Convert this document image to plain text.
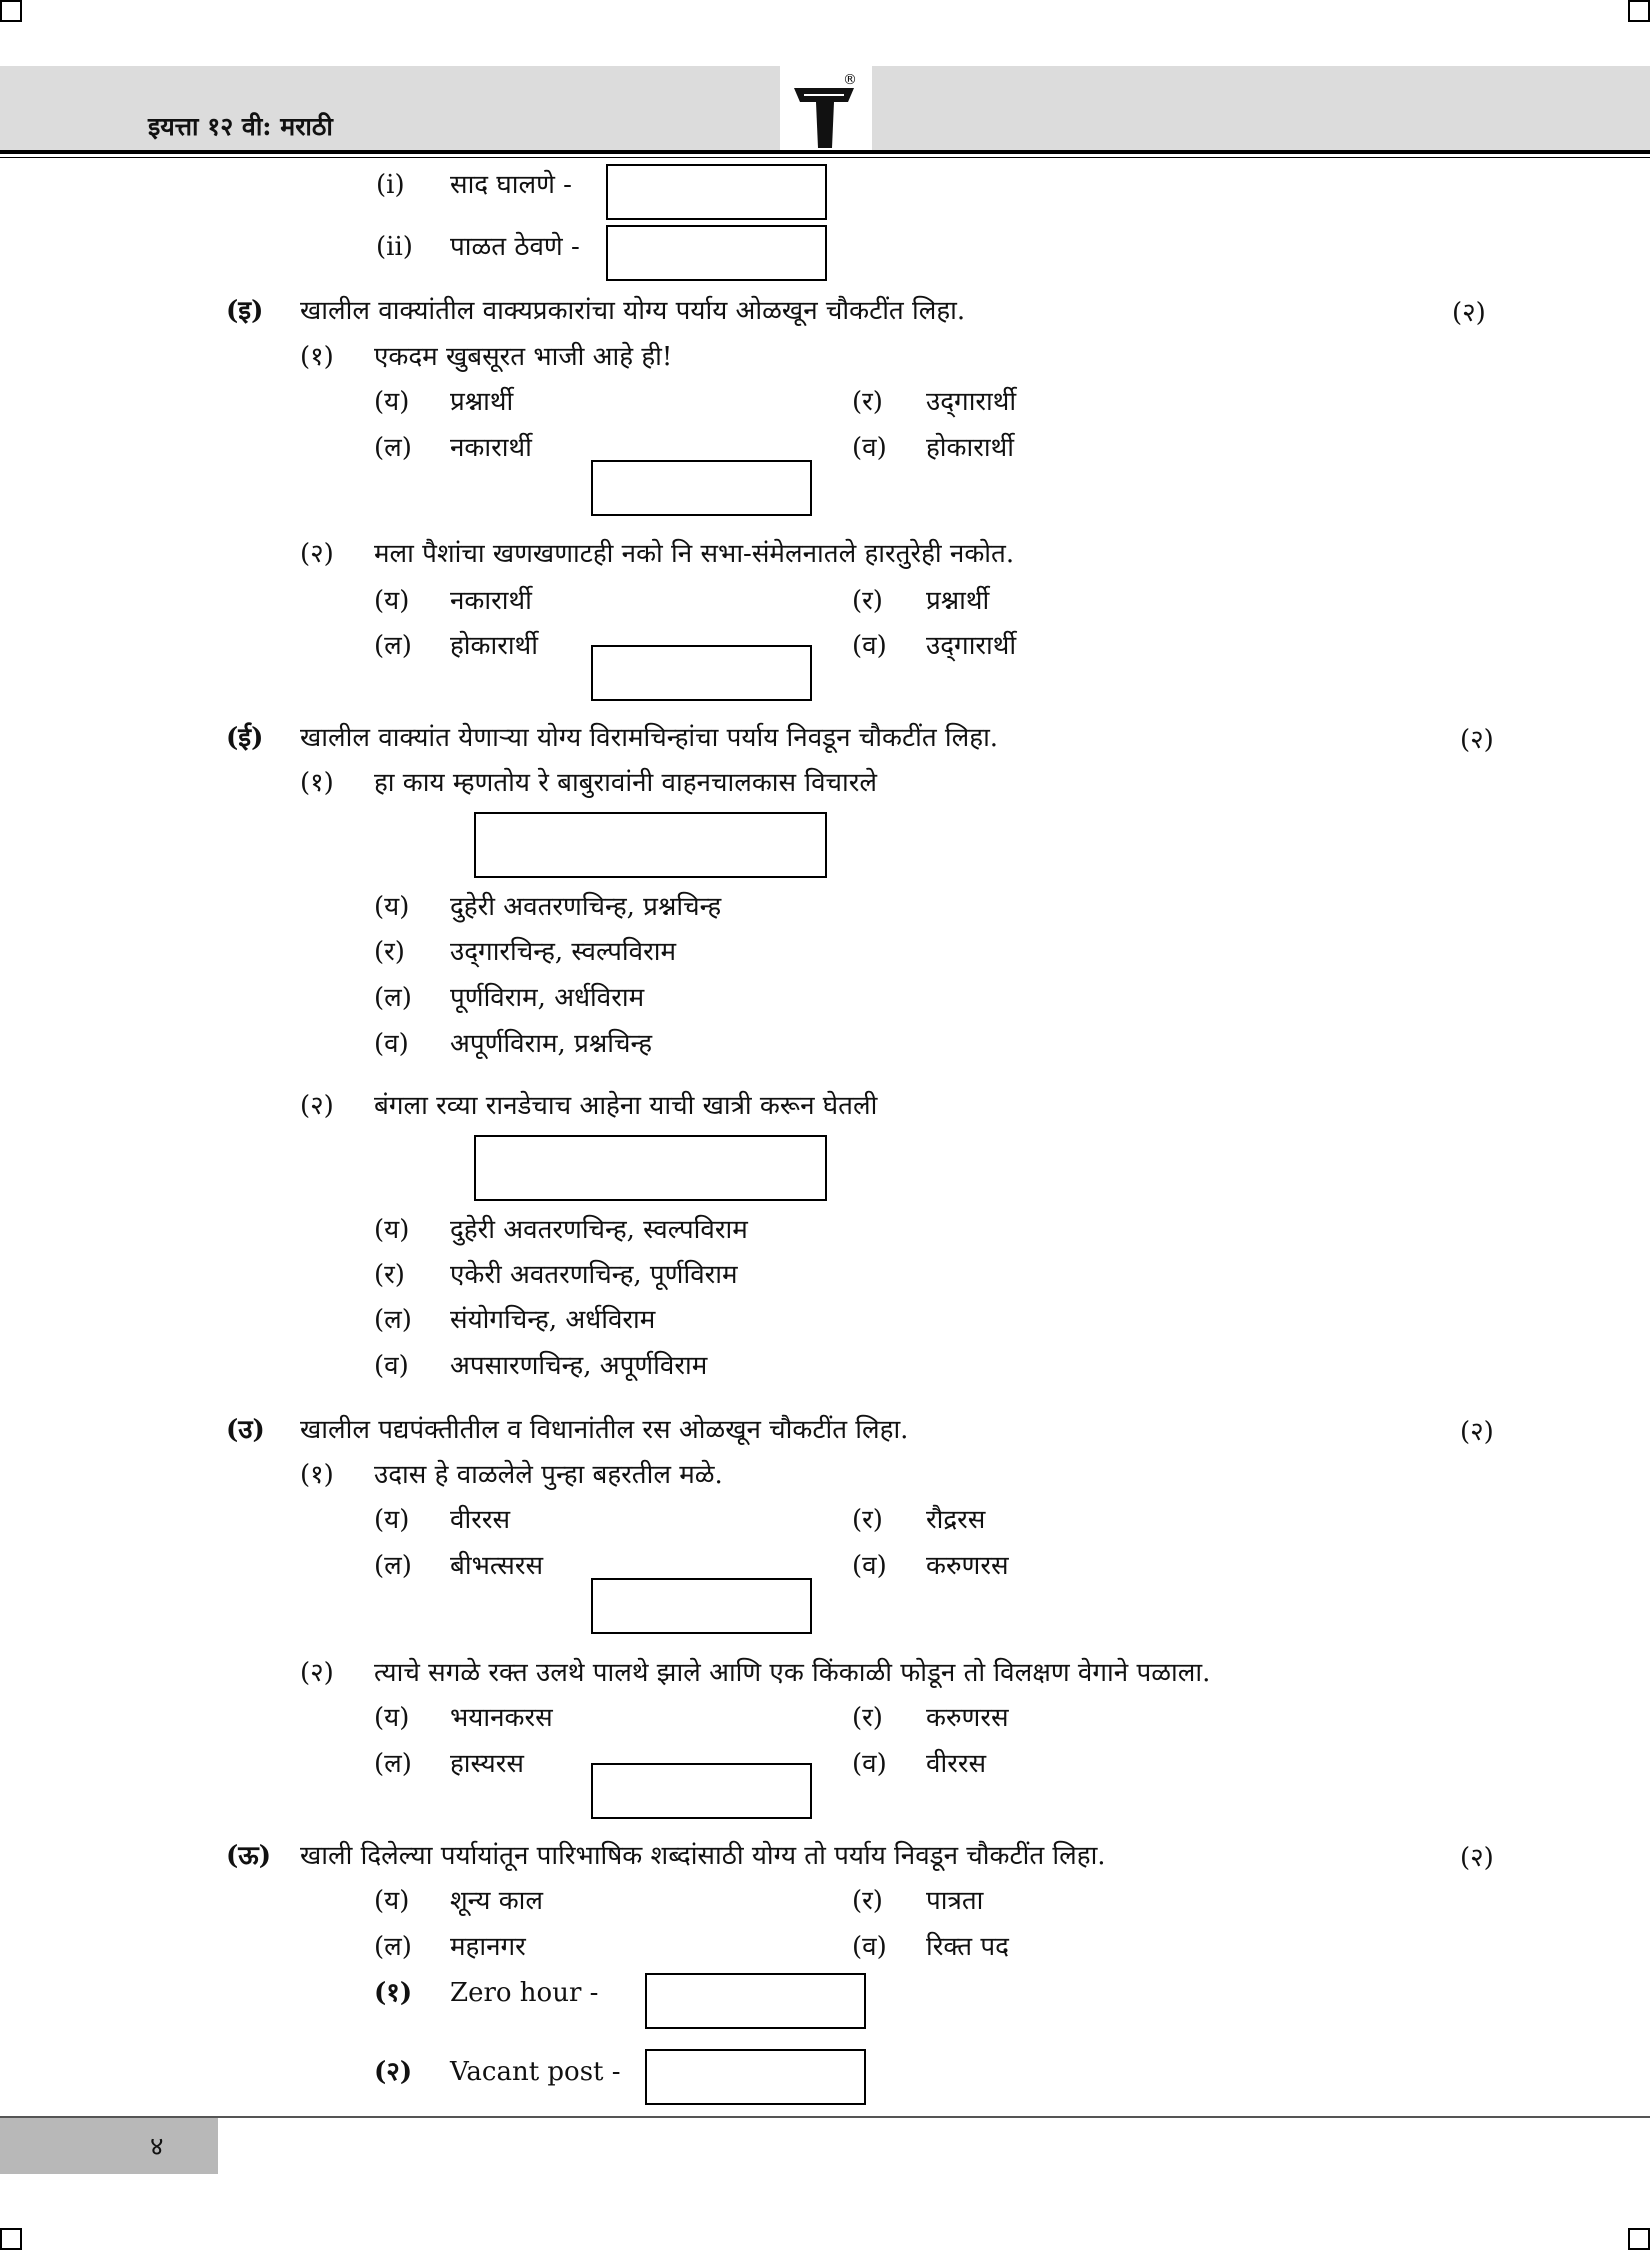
इयत्ता १२ वी: मराठी
®
(i) साद घालणे -
(ii) पाळत ठेवणे -
(इ) खालील वाक्यांतील वाक्यप्रकारांचा योग्य पर्याय ओळखून चौकटींत लिहा.	(२)
(१) एकदम खुबसूरत भाजी आहे ही!
(य) प्रश्नार्थी	(र) उद्‌गारार्थी
(ल) नकारार्थी	(व) होकारार्थी
(२) मला पैशांचा खणखणाटही नको नि सभा-संमेलनातले हारतुरेही नकोत.
(य) नकारार्थी	(र) प्रश्नार्थी
(ल) होकारार्थी	(व) उद्‌गारार्थी
(ई) खालील वाक्यांत येणाऱ्या योग्य विरामचिन्हांचा पर्याय निवडून चौकटींत लिहा.	(२)
(१) हा काय म्हणतोय रे बाबुरावांनी वाहनचालकास विचारले
(य) दुहेरी अवतरणचिन्ह, प्रश्नचिन्ह
(र) उद्‌गारचिन्ह, स्वल्पविराम
(ल) पूर्णविराम, अर्धविराम
(व) अपूर्णविराम, प्रश्नचिन्ह
(२) बंगला रव्या रानडेचाच आहेना याची खात्री करून घेतली
(य) दुहेरी अवतरणचिन्ह, स्वल्पविराम
(र) एकेरी अवतरणचिन्ह, पूर्णविराम
(ल) संयोगचिन्ह, अर्धविराम
(व) अपसारणचिन्ह, अपूर्णविराम
(उ) खालील पद्यपंक्तीतील व विधानांतील रस ओळखून चौकटींत लिहा.	(२)
(१) उदास हे वाळलेले पुन्हा बहरतील मळे.
(य) वीररस	(र) रौद्ररस
(ल) बीभत्सरस	(व) करुणरस
(२) त्याचे सगळे रक्त उलथे पालथे झाले आणि एक किंकाळी फोडून तो विलक्षण वेगाने पळाला.
(य) भयानकरस	(र) करुणरस
(ल) हास्यरस	(व) वीररस
(ऊ) खाली दिलेल्या पर्यायांतून पारिभाषिक शब्दांसाठी योग्य तो पर्याय निवडून चौकटींत लिहा.	(२)
(य) शून्य काल	(र) पात्रता
(ल) महानगर	(व) रिक्त पद
(१) Zero hour -
(२) Vacant post -
४
